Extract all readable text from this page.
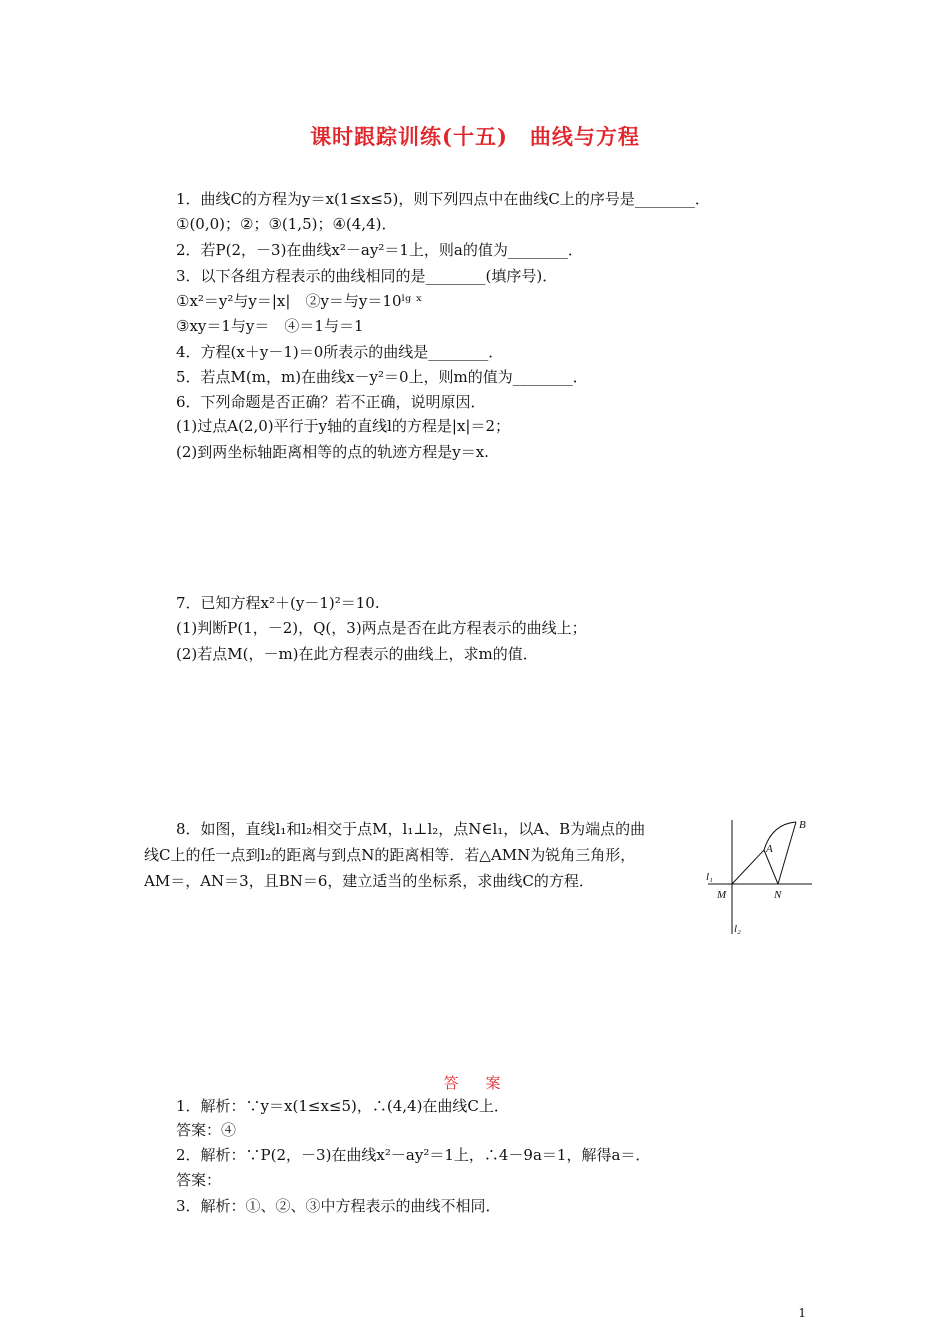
课时跟踪训练(十五)　曲线与方程
1．曲线C的方程为y＝x(1≤x≤5)，则下列四点中在曲线C上的序号是________．
①(0,0)；②；③(1,5)；④(4,4)．
2．若P(2，－3)在曲线x²－ay²＝1上，则a的值为________．
3．以下各组方程表示的曲线相同的是________(填序号)．
①x²＝y²与y＝|x|　②y＝与y＝10ˡᵍ ˣ
③xy＝1与y＝　④＝1与＝1
4．方程(x＋y－1)＝0所表示的曲线是________．
5．若点M(m，m)在曲线x－y²＝0上，则m的值为________．
6．下列命题是否正确？若不正确，说明原因．
(1)过点A(2,0)平行于y轴的直线l的方程是|x|＝2；
(2)到两坐标轴距离相等的点的轨迹方程是y＝x.
7．已知方程x²＋(y－1)²＝10.
(1)判断P(1，－2)，Q(，3)两点是否在此方程表示的曲线上；
(2)若点M(，－m)在此方程表示的曲线上，求m的值．
8．如图，直线l₁和l₂相交于点M，l₁⊥l₂，点N∈l₁，以A、B为端点的曲
线C上的任一点到l₂的距离与到点N的距离相等．若△AMN为锐角三角形，
AM＝，AN＝3，且BN＝6，建立适当的坐标系，求曲线C的方程．
B
A
l₁
M	N
l₂
答　案
1．解析：∵y＝x(1≤x≤5)，∴(4,4)在曲线C上．
答案：④
2．解析：∵P(2，－3)在曲线x²－ay²＝1上，∴4－9a＝1，解得a＝．
答案：
3．解析：①、②、③中方程表示的曲线不相同．
1
